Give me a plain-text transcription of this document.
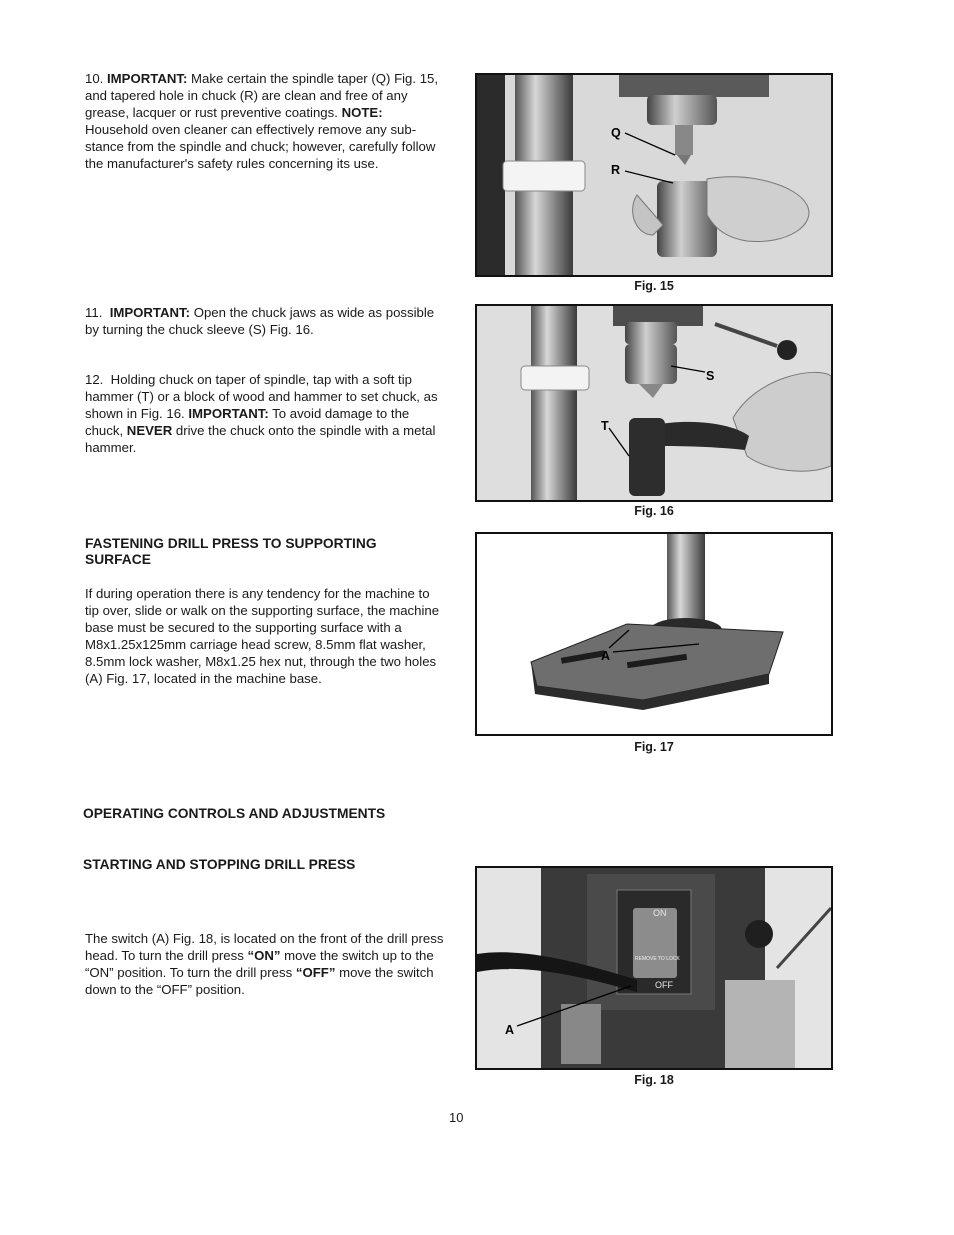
10. IMPORTANT: Make certain the spindle taper (Q) Fig. 15, and tapered hole in chuck (R) are clean and free of any grease, lacquer or rust preventive coatings. NOTE: Household oven cleaner can effectively remove any sub-stance from the spindle and chuck; however, carefully follow the manufacturer's safety rules concerning its use.

11. IMPORTANT: Open the chuck jaws as wide as possible by turning the chuck sleeve (S) Fig. 16.

12. Holding chuck on taper of spindle, tap with a soft tip hammer (T) or a block of wood and hammer to set chuck, as shown in Fig. 16. IMPORTANT: To avoid damage to the chuck, NEVER drive the chuck onto the spindle with a metal hammer.

FASTENING DRILL PRESS TO SUPPORTING SURFACE

If during operation there is any tendency for the machine to tip over, slide or walk on the supporting surface, the machine base must be secured to the supporting surface with a M8x1.25x125mm carriage head screw, 8.5mm flat washer, 8.5mm lock washer, M8x1.25 hex nut, through the two holes (A) Fig. 17, located in the machine base.

OPERATING CONTROLS AND ADJUSTMENTS
STARTING AND STOPPING DRILL PRESS

The switch (A) Fig. 18, is located on the front of the drill press head. To turn the drill press “ON” move the switch up to the “ON” position. To turn the drill press “OFF” move the switch down to the “OFF” position.

Q
R
Fig. 15
S
T
Fig. 16
A
Fig. 17
ON
OFF
REMOVE TO LOCK
A
Fig. 18
10
